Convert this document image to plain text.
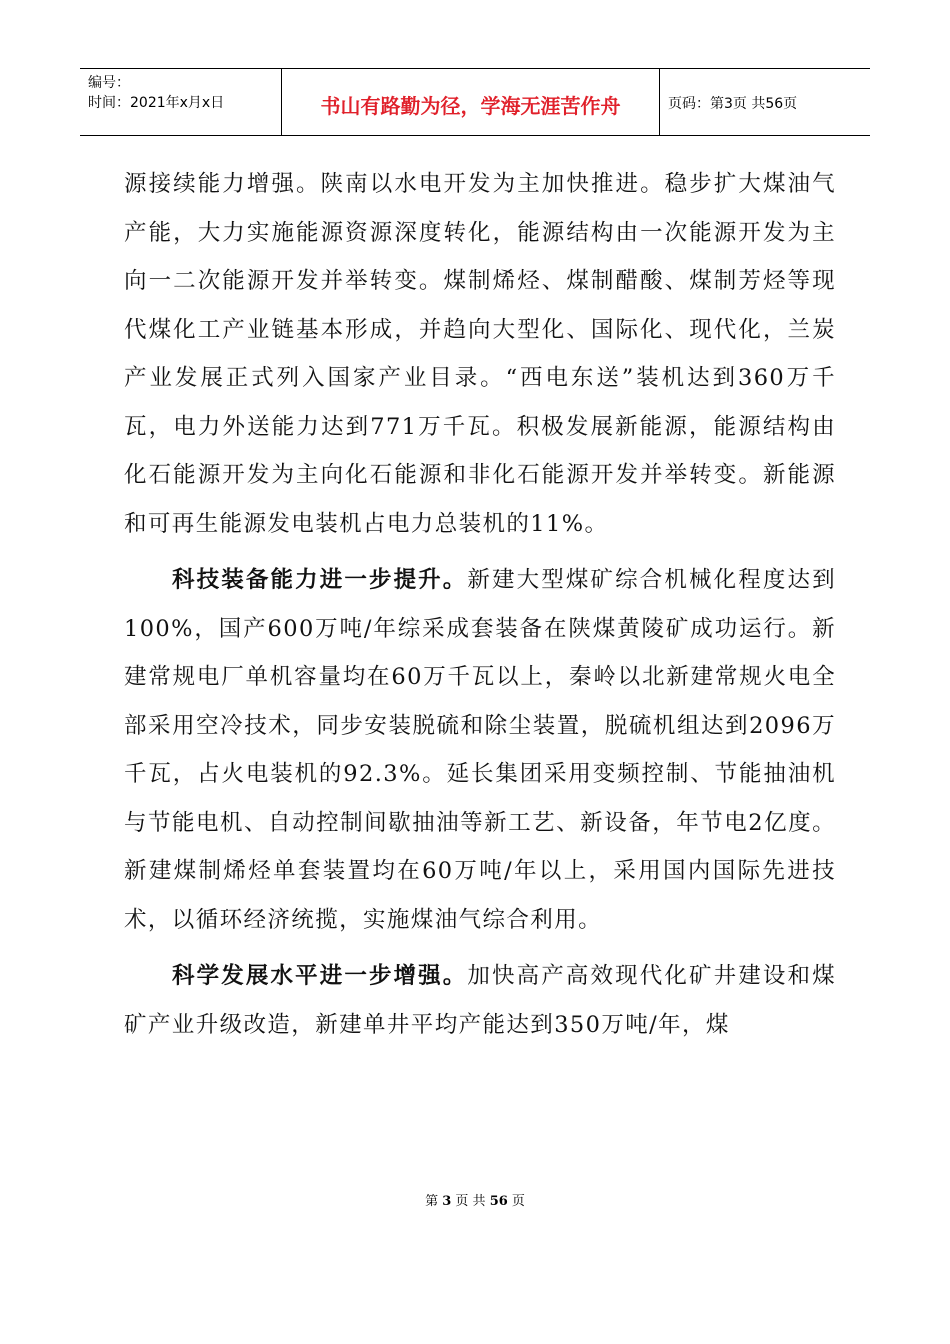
编号：
时间：2021年x月x日	书山有路勤为径，学海无涯苦作舟	页码：第3页 共56页

源接续能力增强。陕南以水电开发为主加快推进。稳步扩大煤油气产能，大力实施能源资源深度转化，能源结构由一次能源开发为主向一二次能源开发并举转变。煤制烯烃、煤制醋酸、煤制芳烃等现代煤化工产业链基本形成，并趋向大型化、国际化、现代化，兰炭产业发展正式列入国家产业目录。“西电东送”装机达到360万千瓦，电力外送能力达到771万千瓦。积极发展新能源，能源结构由化石能源开发为主向化石能源和非化石能源开发并举转变。新能源和可再生能源发电装机占电力总装机的11%。

科技装备能力进一步提升。新建大型煤矿综合机械化程度达到100%，国产600万吨/年综采成套装备在陕煤黄陵矿成功运行。新建常规电厂单机容量均在60万千瓦以上，秦岭以北新建常规火电全部采用空冷技术，同步安装脱硫和除尘装置，脱硫机组达到2096万千瓦，占火电装机的92.3%。延长集团采用变频控制、节能抽油机与节能电机、自动控制间歇抽油等新工艺、新设备，年节电2亿度。新建煤制烯烃单套装置均在60万吨/年以上，采用国内国际先进技术，以循环经济统揽，实施煤油气综合利用。

科学发展水平进一步增强。加快高产高效现代化矿井建设和煤矿产业升级改造，新建单井平均产能达到350万吨/年，煤

第 3 页 共 56 页
